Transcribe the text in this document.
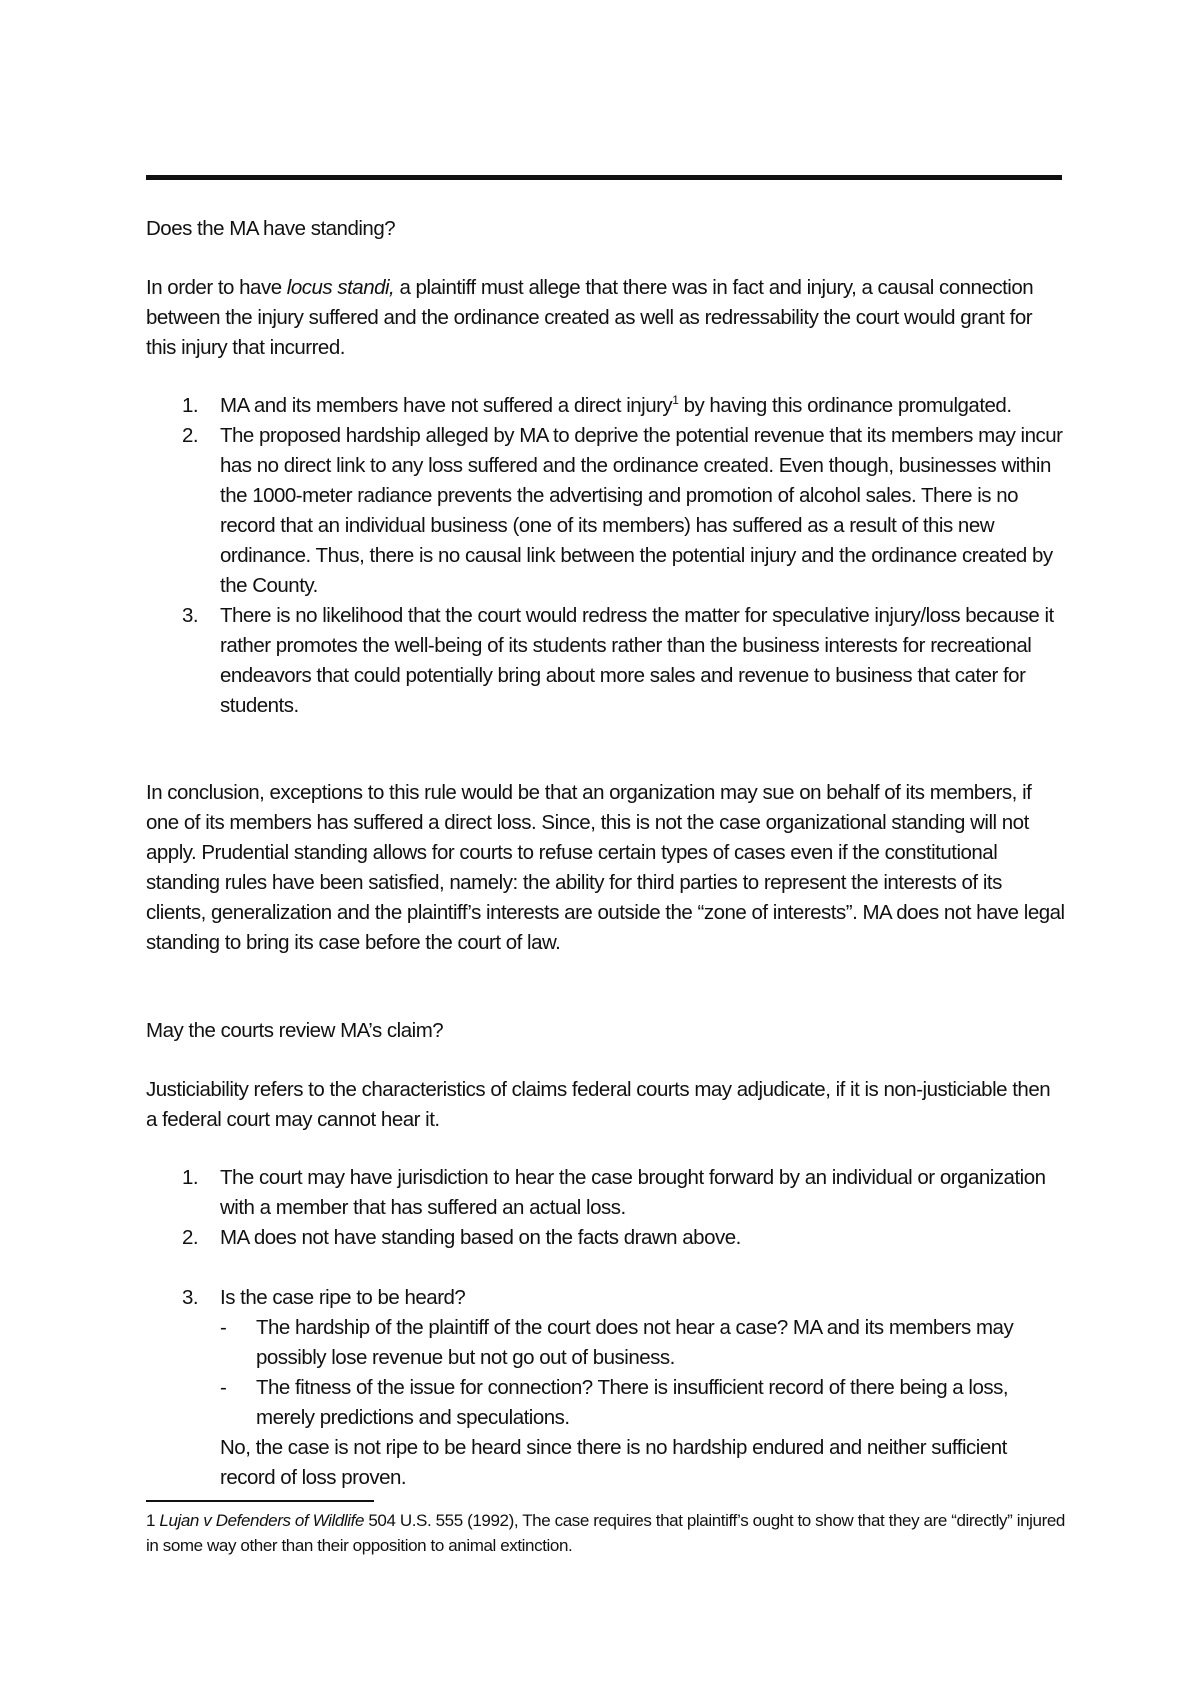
Does the MA have standing?
In order to have locus standi, a plaintiff must allege that there was in fact and injury, a causal connection between the injury suffered and the ordinance created as well as redressability the court would grant for this injury that incurred.
1.	MA and its members have not suffered a direct injury$^1$ by having this ordinance promulgated.
2.	The proposed hardship alleged by MA to deprive the potential revenue that its members may incur has no direct link to any loss suffered and the ordinance created. Even though, businesses within the 1000-meter radiance prevents the advertising and promotion of alcohol sales. There is no record that an individual business (one of its members) has suffered as a result of this new ordinance. Thus, there is no causal link between the potential injury and the ordinance created by the County.
3.	There is no likelihood that the court would redress the matter for speculative injury/loss because it rather promotes the well-being of its students rather than the business interests for recreational endeavors that could potentially bring about more sales and revenue to business that cater for students.
In conclusion, exceptions to this rule would be that an organization may sue on behalf of its members, if one of its members has suffered a direct loss. Since, this is not the case organizational standing will not apply. Prudential standing allows for courts to refuse certain types of cases even if the constitutional standing rules have been satisfied, namely: the ability for third parties to represent the interests of its clients, generalization and the plaintiff’s interests are outside the “zone of interests”. MA does not have legal standing to bring its case before the court of law.
May the courts review MA’s claim?
Justiciability refers to the characteristics of claims federal courts may adjudicate, if it is non-justiciable then a federal court may cannot hear it.
1.	The court may have jurisdiction to hear the case brought forward by an individual or organization with a member that has suffered an actual loss.
2.	MA does not have standing based on the facts drawn above.
3.	Is the case ripe to be heard?
- The hardship of the plaintiff of the court does not hear a case? MA and its members may possibly lose revenue but not go out of business.
- The fitness of the issue for connection? There is insufficient record of there being a loss, merely predictions and speculations.
No, the case is not ripe to be heard since there is no hardship endured and neither sufficient record of loss proven.
1 Lujan v Defenders of Wildlife 504 U.S. 555 (1992), The case requires that plaintiff’s ought to show that they are “directly” injured in some way other than their opposition to animal extinction.
